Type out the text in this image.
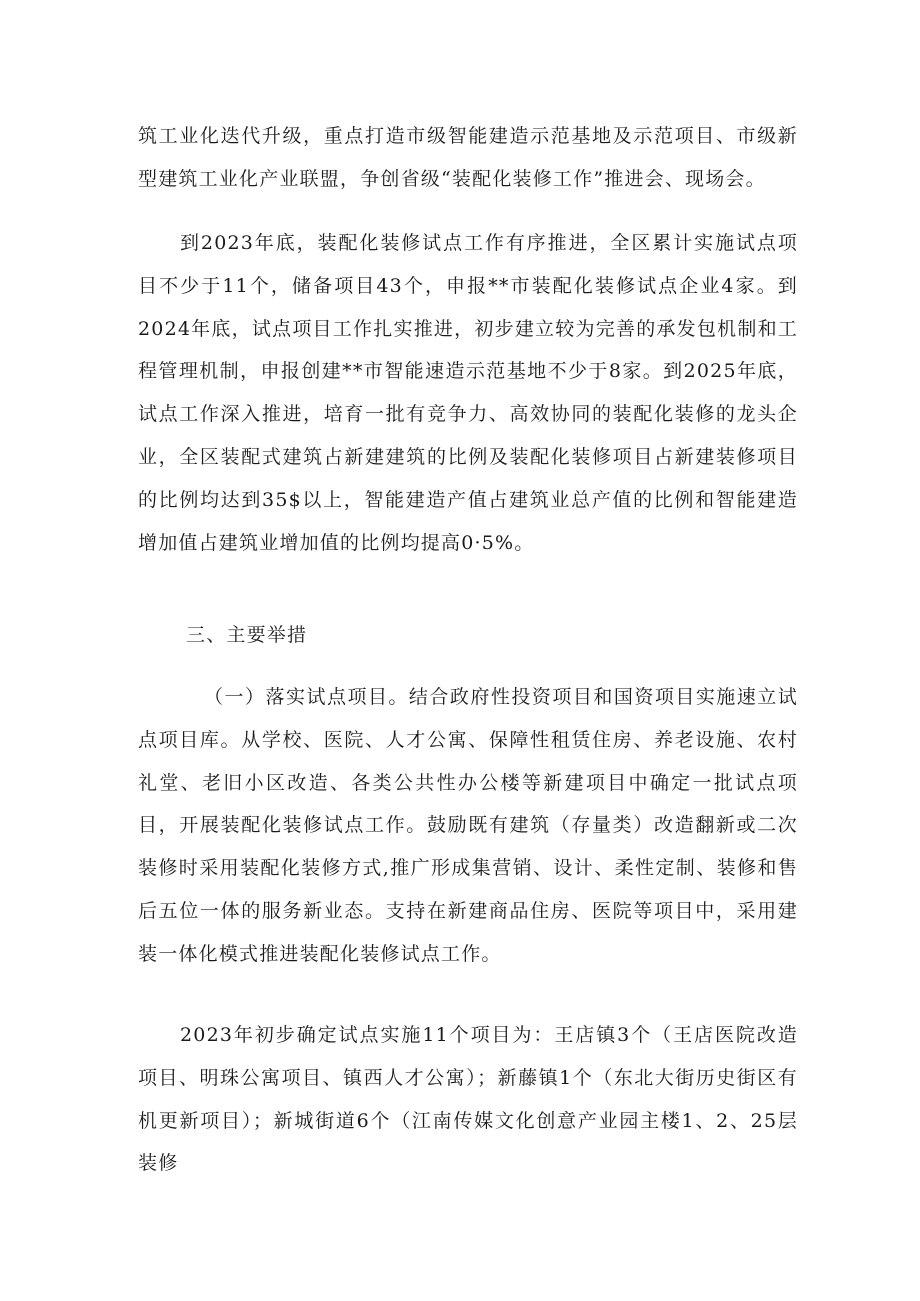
筑工业化迭代升级，重点打造市级智能建造示范基地及示范项目、市级新型建筑工业化产业联盟，争创省级“装配化装修工作”推进会、现场会。

到2023年底，装配化装修试点工作有序推进，全区累计实施试点项目不少于11个，储备项目43个，申报**市装配化装修试点企业4家。到2024年底，试点项目工作扎实推进，初步建立较为完善的承发包机制和工程管理机制，申报创建**市智能速造示范基地不少于8家。到2025年底，试点工作深入推进，培育一批有竞争力、高效协同的装配化装修的龙头企业，全区装配式建筑占新建建筑的比例及装配化装修项目占新建装修项目的比例均达到35$以上，智能建造产值占建筑业总产值的比例和智能建造增加值占建筑业增加值的比例均提高0·5%。

三、主要举措

（一）落实试点项目。结合政府性投资项目和国资项目实施速立试点项目库。从学校、医院、人才公寓、保障性租赁住房、养老设施、农村礼堂、老旧小区改造、各类公共性办公楼等新建项目中确定一批试点项目，开展装配化装修试点工作。鼓励既有建筑（存量类）改造翻新或二次装修时采用装配化装修方式,推广形成集营销、设计、柔性定制、装修和售后五位一体的服务新业态。支持在新建商品住房、医院等项目中，采用建装一体化模式推进装配化装修试点工作。

2023年初步确定试点实施11个项目为：王店镇3个（王店医院改造项目、明珠公寓项目、镇西人才公寓）；新藤镇1个（东北大街历史街区有机更新项目）；新城街道6个（江南传媒文化创意产业园主楼1、2、25层装修
